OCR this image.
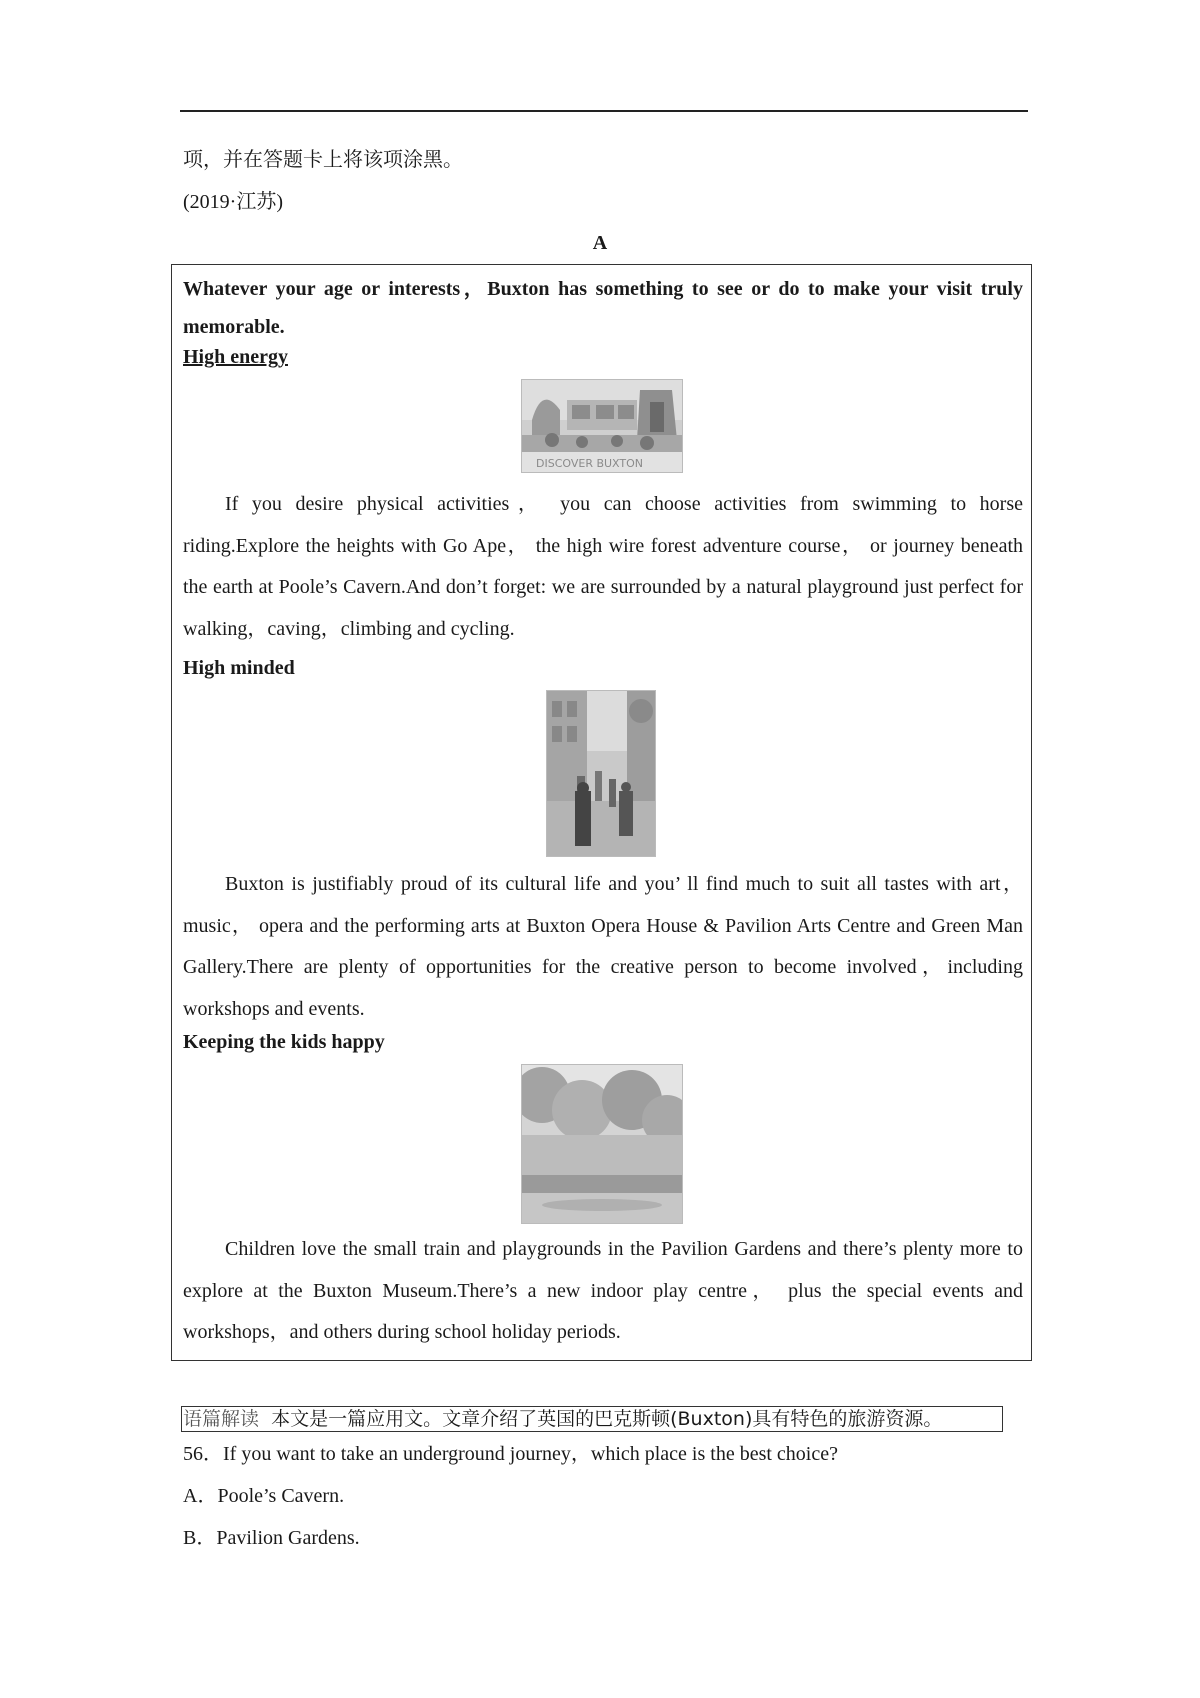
项，并在答题卡上将该项涂黑。
(2019·江苏)
A
Whatever your age or interests，Buxton has something to see or do to make your visit truly memorable.
High energy
DISCOVER BUXTON
If you desire physical activities， you can choose activities from swimming to horse riding.Explore the heights with Go Ape， the high wire forest adventure course， or journey beneath the earth at Poole’s Cavern.And don’t forget: we are surrounded by a natural playground just perfect for walking，caving，climbing and cycling.
High minded
Buxton is justifiably proud of its cultural life and you’ ll find much to suit all tastes with art， music， opera and the performing arts at Buxton Opera House & Pavilion Arts Centre and Green Man Gallery.There are plenty of opportunities for the creative person to become involved，including workshops and events.
Keeping the kids happy
Children love the small train and playgrounds in the Pavilion Gardens and there’s plenty more to explore at the Buxton Museum.There’s a new indoor play centre， plus the special events and workshops，and others during school holiday periods.
语篇解读 本文是一篇应用文。文章介绍了英国的巴克斯顿(Buxton)具有特色的旅游资源。
56．If you want to take an underground journey，which place is the best choice?
A．Poole’s Cavern.
B．Pavilion Gardens.
